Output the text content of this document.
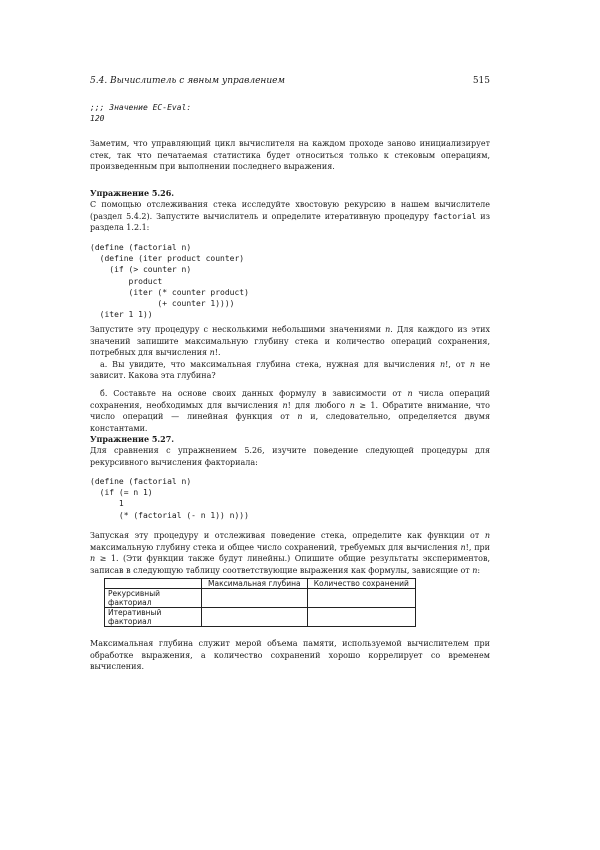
5.4. Вычислитель с явным управлением	515
;;; Значение EC-Eval:
120

Заметим, что управляющий цикл вычислителя на каждом проходе заново инициализирует стек, так что печатаемая статистика будет относиться только к стековым операциям, произведенным при выполнении последнего выражения.

Упражнение 5.26.

С помощью отслеживания стека исследуйте хвостовую рекурсию в нашем вычислителе (раздел 5.4.2). Запустите вычислитель и определите итеративную процедуру factorial из раздела 1.2.1:

(define (factorial n)
(define (iter product counter)
(if (> counter n)
product
(iter (* counter product)
(+ counter 1))))
(iter 1 1))

Запустите эту процедуру с несколькими небольшими значениями n. Для каждого из этих значений запишите максимальную глубину стека и количество операций сохранения, потребных для вычисления n!.

а. Вы увидите, что максимальная глубина стека, нужная для вычисления n!, от n не зависит. Какова эта глубина?

б. Составьте на основе своих данных формулу в зависимости от n числа операций сохранения, необходимых для вычисления n! для любого n ≥ 1. Обратите внимание, что число операций — линейная функция от n и, следовательно, определяется двумя константами.

Упражнение 5.27.

Для сравнения с упражнением 5.26, изучите поведение следующей процедуры для рекурсивного вычисления факториала:

(define (factorial n)
(if (= n 1)
1
(* (factorial (- n 1)) n)))

Запуская эту процедуру и отслеживая поведение стека, определите как функции от n максимальную глубину стека и общее число сохранений, требуемых для вычисления n!, при n ≥ 1. (Эти функции также будут линейны.) Опишите общие результаты экспериментов, записав в следующую таблицу соответствующие выражения как формулы, зависящие от n:

	Максимальная глубина	Количество сохранений
Рекурсивный факториал		
Итеративный факториал		

Максимальная глубина служит мерой объема памяти, используемой вычислителем при обработке выражения, а количество сохранений хорошо коррелирует со временем вычисления.
